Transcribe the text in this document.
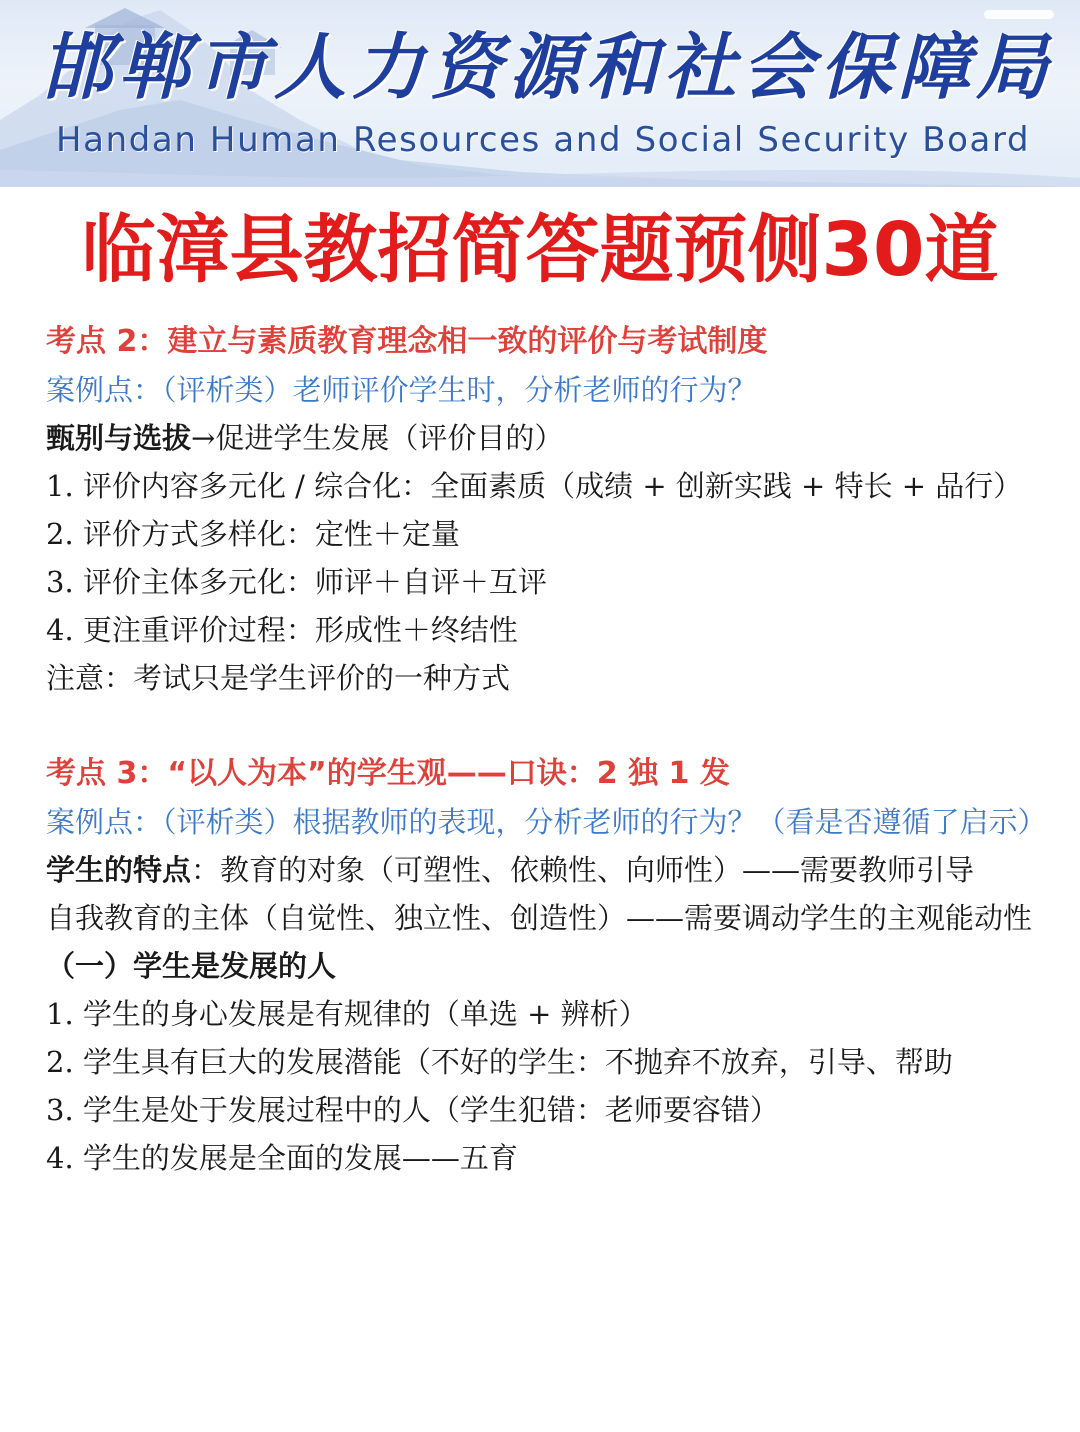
邯郸市人力资源和社会保障局
Handan Human Resources and Social Security Board
临漳县教招简答题预侧30道
考点 2：建立与素质教育理念相一致的评价与考试制度
案例点：（评析类）老师评价学生时，分析老师的行为？
甄别与选拔→促进学生发展（评价目的）
1. 评价内容多元化 / 综合化：全面素质（成绩 + 创新实践 + 特长 + 品行）
2. 评价方式多样化：定性＋定量
3. 评价主体多元化：师评＋自评＋互评
4. 更注重评价过程：形成性＋终结性
注意：考试只是学生评价的一种方式
考点 3：“以人为本”的学生观——口诀：2 独 1 发
案例点：（评析类）根据教师的表现，分析老师的行为？（看是否遵循了启示）
学生的特点：教育的对象（可塑性、依赖性、向师性）——需要教师引导
自我教育的主体（自觉性、独立性、创造性）——需要调动学生的主观能动性
（一）学生是发展的人
1. 学生的身心发展是有规律的（单选 + 辨析）
2. 学生具有巨大的发展潜能（不好的学生：不抛弃不放弃，引导、帮助
3. 学生是处于发展过程中的人（学生犯错：老师要容错）
4. 学生的发展是全面的发展——五育
